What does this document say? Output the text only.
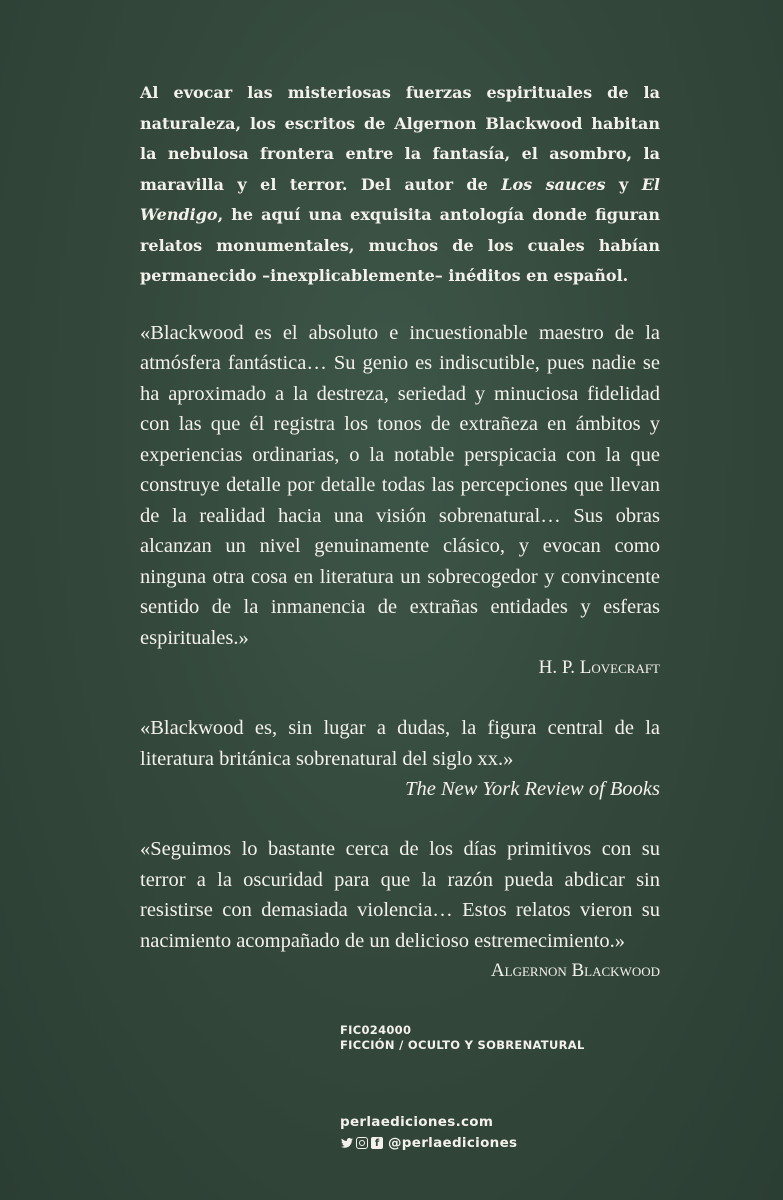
Al evocar las misteriosas fuerzas espirituales de la naturaleza, los escritos de Algernon Blackwood habitan la nebulosa frontera entre la fantasía, el asombro, la maravilla y el terror. Del autor de Los sauces y El Wendigo, he aquí una exquisita antología donde figuran relatos monumentales, muchos de los cuales habían permanecido –inexplicablemente– inéditos en español.

«Blackwood es el absoluto e incuestionable maestro de la atmósfera fantástica… Su genio es indiscutible, pues nadie se ha aproximado a la destreza, seriedad y minuciosa fidelidad con las que él registra los tonos de extrañeza en ámbitos y experiencias ordinarias, o la notable perspicacia con la que construye detalle por detalle todas las percepciones que llevan de la realidad hacia una visión sobrenatural… Sus obras alcanzan un nivel genuinamente clásico, y evocan como ninguna otra cosa en literatura un sobrecogedor y convincente sentido de la inmanencia de extrañas entidades y esferas espirituales.»

H. P. Lovecraft

«Blackwood es, sin lugar a dudas, la figura central de la literatura británica sobrenatural del siglo xx.»

The New York Review of Books

«Seguimos lo bastante cerca de los días primitivos con su terror a la oscuridad para que la razón pueda abdicar sin resistirse con demasiada violencia… Estos relatos vieron su nacimiento acompañado de un delicioso estremecimiento.»

Algernon Blackwood

FIC024000
FICCIÓN / OCULTO Y SOBRENATURAL
perlaediciones.com
f @perlaediciones
